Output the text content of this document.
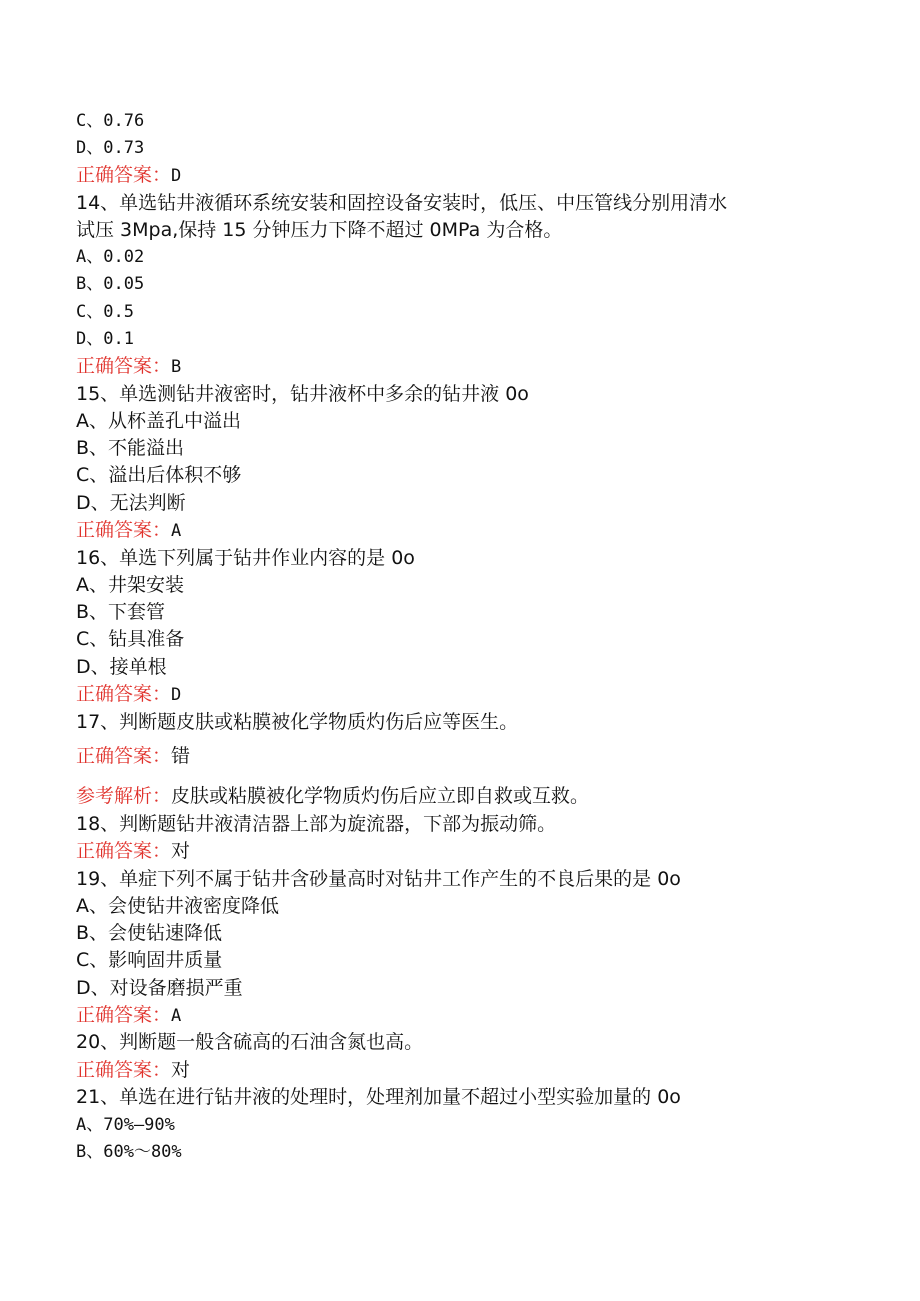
C、0.76
D、0.73
正确答案：D
14、单选钻井液循环系统安装和固控设备安装时，低压、中压管线分别用清水
试压 3Mpa,保持 15 分钟压力下降不超过 0MPa 为合格。
A、0.02
B、0.05
C、0.5
D、0.1
正确答案：B
15、单选测钻井液密时，钻井液杯中多余的钻井液 0o
A、从杯盖孔中溢出
B、不能溢出
C、溢出后体积不够
D、无法判断
正确答案：A
16、单选下列属于钻井作业内容的是 0o
A、井架安装
B、下套管
C、钻具准备
D、接单根
正确答案：D
17、判断题皮肤或粘膜被化学物质灼伤后应等医生。
正确答案：错
参考解析：皮肤或粘膜被化学物质灼伤后应立即自救或互救。
18、判断题钻井液清洁器上部为旋流器，下部为振动筛。
正确答案：对
19、单症下列不属于钻井含砂量高时对钻井工作产生的不良后果的是 0o
A、会使钻井液密度降低
B、会使钻速降低
C、影响固井质量
D、对设备磨损严重
正确答案：A
20、判断题一般含硫高的石油含氮也高。
正确答案：对
21、单选在进行钻井液的处理时，处理剂加量不超过小型实验加量的 0o
A、70%—90%
B、60%～80%
